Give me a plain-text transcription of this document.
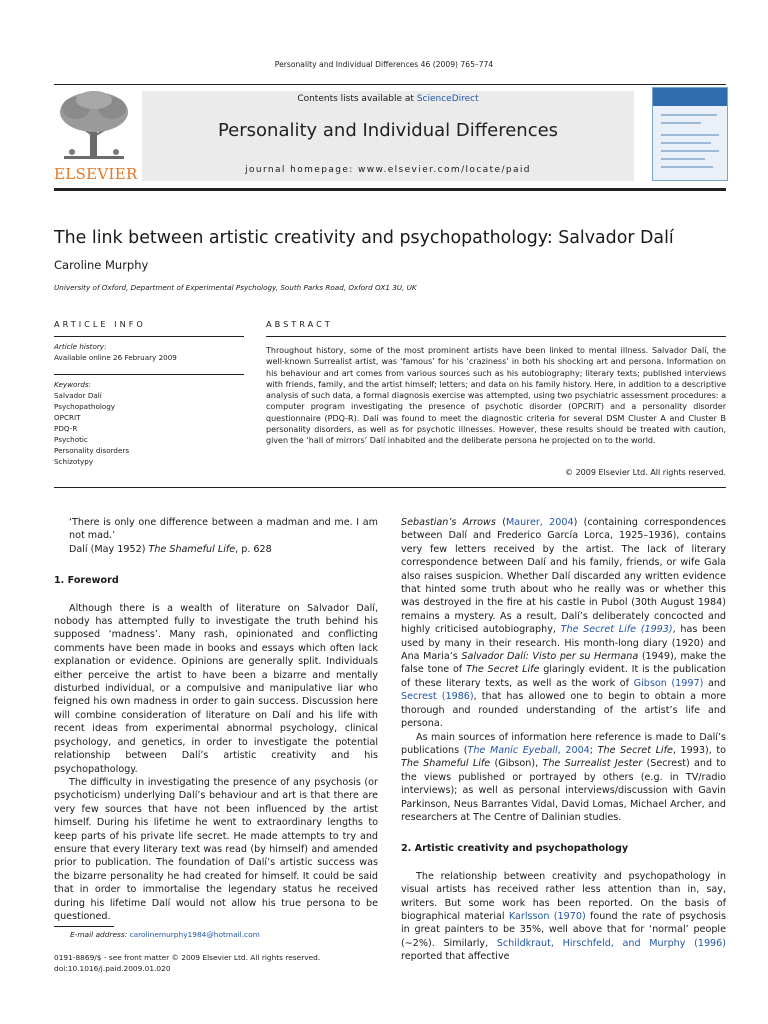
Personality and Individual Differences 46 (2009) 765–774
ELSEVIER
Contents lists available at ScienceDirect
Personality and Individual Differences
journal homepage: www.elsevier.com/locate/paid
The link between artistic creativity and psychopathology: Salvador Dalí
Caroline Murphy
University of Oxford, Department of Experimental Psychology, South Parks Road, Oxford OX1 3U, UK
ARTICLE INFO
Article history:
Available online 26 February 2009
Keywords:
Salvador Dalí
Psychopathology
OPCRIT
PDQ-R
Psychotic
Personality disorders
Schizotypy
ABSTRACT
Throughout history, some of the most prominent artists have been linked to mental illness. Salvador Dalí, the well-known Surrealist artist, was ‘famous’ for his ‘craziness’ in both his shocking art and persona. Information on his behaviour and art comes from various sources such as his autobiography; literary texts; published interviews with friends, family, and the artist himself; letters; and data on his family history. Here, in addition to a descriptive analysis of such data, a formal diagnosis exercise was attempted, using two psychiatric assessment procedures: a computer program investigating the presence of psychotic disorder (OPCRIT) and a personality disorder questionnaire (PDQ-R). Dalí was found to meet the diagnostic criteria for several DSM Cluster A and Cluster B personality disorders, as well as for psychotic illnesses. However, these results should be treated with caution, given the ‘hall of mirrors’ Dalí inhabited and the deliberate persona he projected on to the world.
© 2009 Elsevier Ltd. All rights reserved.

‘There is only one difference between a madman and me. I am not mad.’

Dalí (May 1952) The Shameful Life, p. 628

1. Foreword

Although there is a wealth of literature on Salvador Dalí, nobody has attempted fully to investigate the truth behind his supposed ‘madness’. Many rash, opinionated and conflicting comments have been made in books and essays which often lack explanation or evidence. Opinions are generally split. Individuals either perceive the artist to have been a bizarre and mentally disturbed individual, or a compulsive and manipulative liar who feigned his own madness in order to gain success. Discussion here will combine consideration of literature on Dalí and his life with recent ideas from experimental abnormal psychology, clinical psychology, and genetics, in order to investigate the potential relationship between Dalí’s artistic creativity and his psychopathology.

The difficulty in investigating the presence of any psychosis (or psychoticism) underlying Dalí’s behaviour and art is that there are very few sources that have not been influenced by the artist himself. During his lifetime he went to extraordinary lengths to keep parts of his private life secret. He made attempts to try and ensure that every literary text was read (by himself) and amended prior to publication. The foundation of Dalí’s artistic success was the bizarre personality he had created for himself. It could be said that in order to immortalise the legendary status he received during his lifetime Dalí would not allow his true persona to be questioned.

E-mail address: carolinemurphy1984@hotmail.com
0191-8869/$ - see front matter © 2009 Elsevier Ltd. All rights reserved.
doi:10.1016/j.paid.2009.01.020

Sebastian’s Arrows (Maurer, 2004) (containing correspondences between Dalí and Frederico García Lorca, 1925–1936), contains very few letters received by the artist. The lack of literary correspondence between Dalí and his family, friends, or wife Gala also raises suspicion. Whether Dalí discarded any written evidence that hinted some truth about who he really was or whether this was destroyed in the fire at his castle in Pubol (30th August 1984) remains a mystery. As a result, Dalí’s deliberately concocted and highly criticised autobiography, The Secret Life (1993), has been used by many in their research. His month-long diary (1920) and Ana Maria’s Salvador Dalí: Visto per su Hermana (1949), make the false tone of The Secret Life glaringly evident. It is the publication of these literary texts, as well as the work of Gibson (1997) and Secrest (1986), that has allowed one to begin to obtain a more thorough and rounded understanding of the artist’s life and persona.

As main sources of information here reference is made to Dalí’s publications (The Manic Eyeball, 2004; The Secret Life, 1993), to The Shameful Life (Gibson), The Surrealist Jester (Secrest) and to the views published or portrayed by others (e.g. in TV/radio interviews); as well as personal interviews/discussion with Gavin Parkinson, Neus Barrantes Vidal, David Lomas, Michael Archer, and researchers at The Centre of Dalinian studies.

2. Artistic creativity and psychopathology

The relationship between creativity and psychopathology in visual artists has received rather less attention than in, say, writers. But some work has been reported. On the basis of biographical material Karlsson (1970) found the rate of psychosis in great painters to be 35%, well above that for ‘normal’ people (∼2%). Similarly, Schildkraut, Hirschfeld, and Murphy (1996) reported that affective
